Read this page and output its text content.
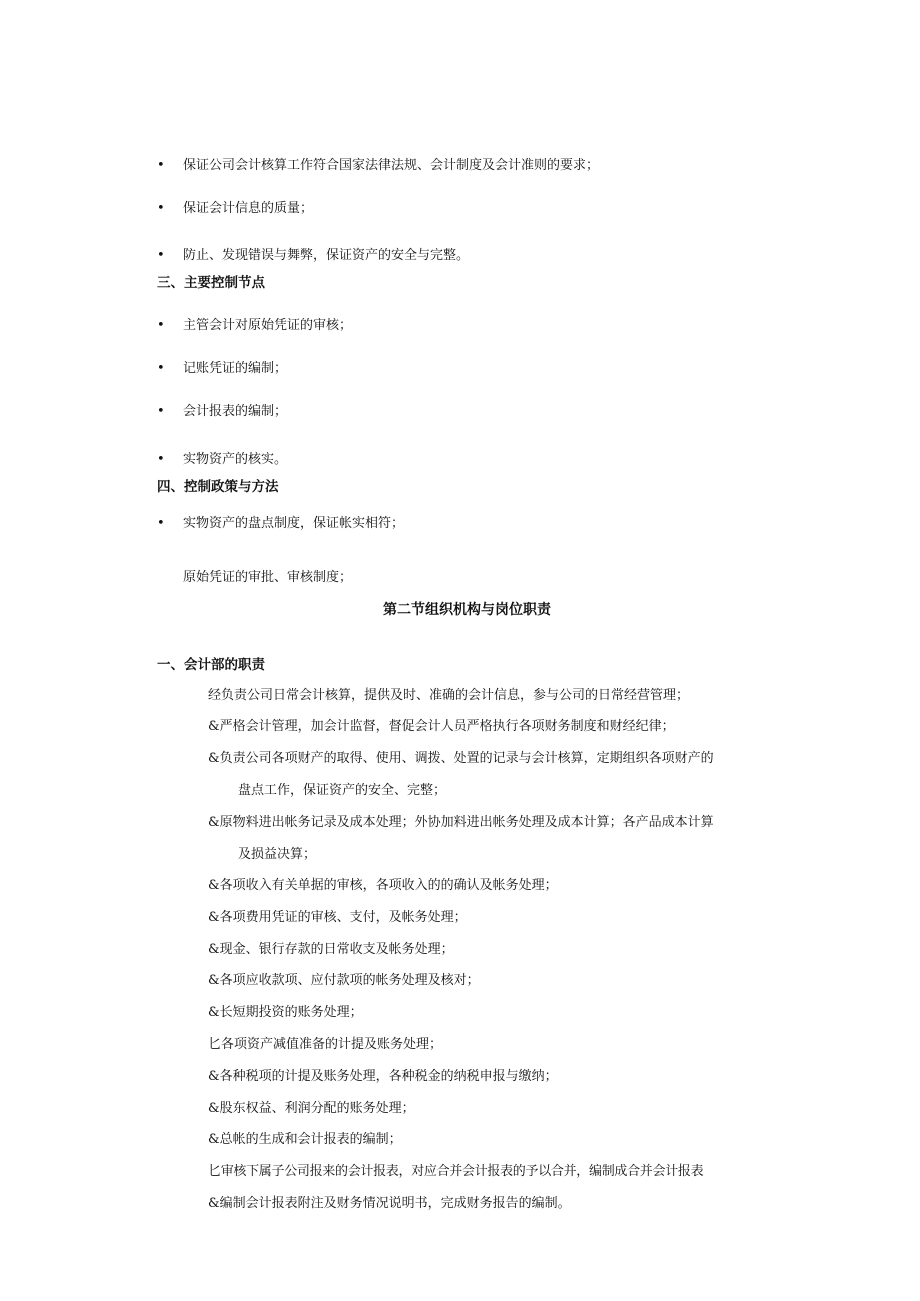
• 保证公司会计核算工作符合国家法律法规、会计制度及会计准则的要求；
• 保证会计信息的质量；
• 防止、发现错误与舞弊，保证资产的安全与完整。
三、主要控制节点
• 主管会计对原始凭证的审核；
• 记账凭证的编制；
• 会计报表的编制；
• 实物资产的核实。
四、控制政策与方法
• 实物资产的盘点制度，保证帐实相符；
原始凭证的审批、审核制度；
第二节组织机构与岗位职责
一、会计部的职责
经负责公司日常会计核算，提供及时、准确的会计信息，参与公司的日常经营管理；
&严格会计管理，加会计监督，督促会计人员严格执行各项财务制度和财经纪律；
&负责公司各项财产的取得、使用、调拨、处置的记录与会计核算，定期组织各项财产的
盘点工作，保证资产的安全、完整；
&原物料进出帐务记录及成本处理；外协加料进出帐务处理及成本计算；各产品成本计算
及损益决算；
&各项收入有关单据的审核，各项收入的的确认及帐务处理；
&各项费用凭证的审核、支付，及帐务处理；
&现金、银行存款的日常收支及帐务处理；
&各项应收款项、应付款项的帐务处理及核对；
&长短期投资的账务处理；
匕各项资产减值准备的计提及账务处理；
&各种税项的计提及账务处理，各种税金的纳税申报与缴纳；
&股东权益、利润分配的账务处理；
&总帐的生成和会计报表的编制；
匕审核下属子公司报来的会计报表，对应合并会计报表的予以合并，编制成合并会计报表
&编制会计报表附注及财务情况说明书，完成财务报告的编制。
